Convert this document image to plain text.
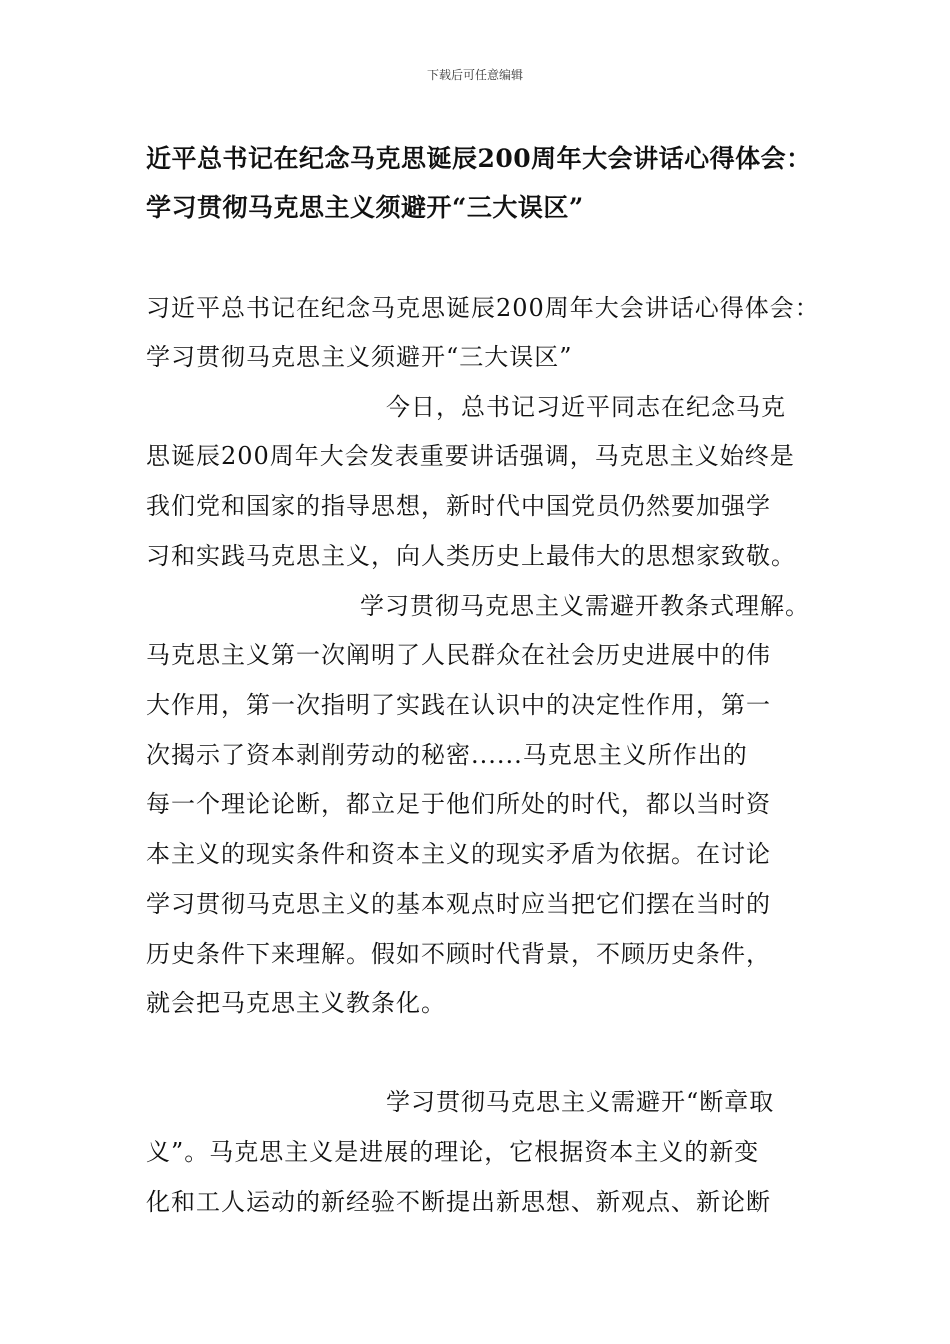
下载后可任意编辑
近平总书记在纪念马克思诞辰200周年大会讲话心得体会：
学习贯彻马克思主义须避开“三大误区”
习近平总书记在纪念马克思诞辰200周年大会讲话心得体会：
学习贯彻马克思主义须避开“三大误区”
今日，总书记习近平同志在纪念马克
思诞辰200周年大会发表重要讲话强调，马克思主义始终是
我们党和国家的指导思想，新时代中国党员仍然要加强学
习和实践马克思主义，向人类历史上最伟大的思想家致敬。
学习贯彻马克思主义需避开教条式理解。
马克思主义第一次阐明了人民群众在社会历史进展中的伟
大作用，第一次指明了实践在认识中的决定性作用，第一
次揭示了资本剥削劳动的秘密......马克思主义所作出的
每一个理论论断，都立足于他们所处的时代，都以当时资
本主义的现实条件和资本主义的现实矛盾为依据。在讨论
学习贯彻马克思主义的基本观点时应当把它们摆在当时的
历史条件下来理解。假如不顾时代背景，不顾历史条件，
就会把马克思主义教条化。
学习贯彻马克思主义需避开“断章取
义”。马克思主义是进展的理论，它根据资本主义的新变
化和工人运动的新经验不断提出新思想、新观点、新论断
